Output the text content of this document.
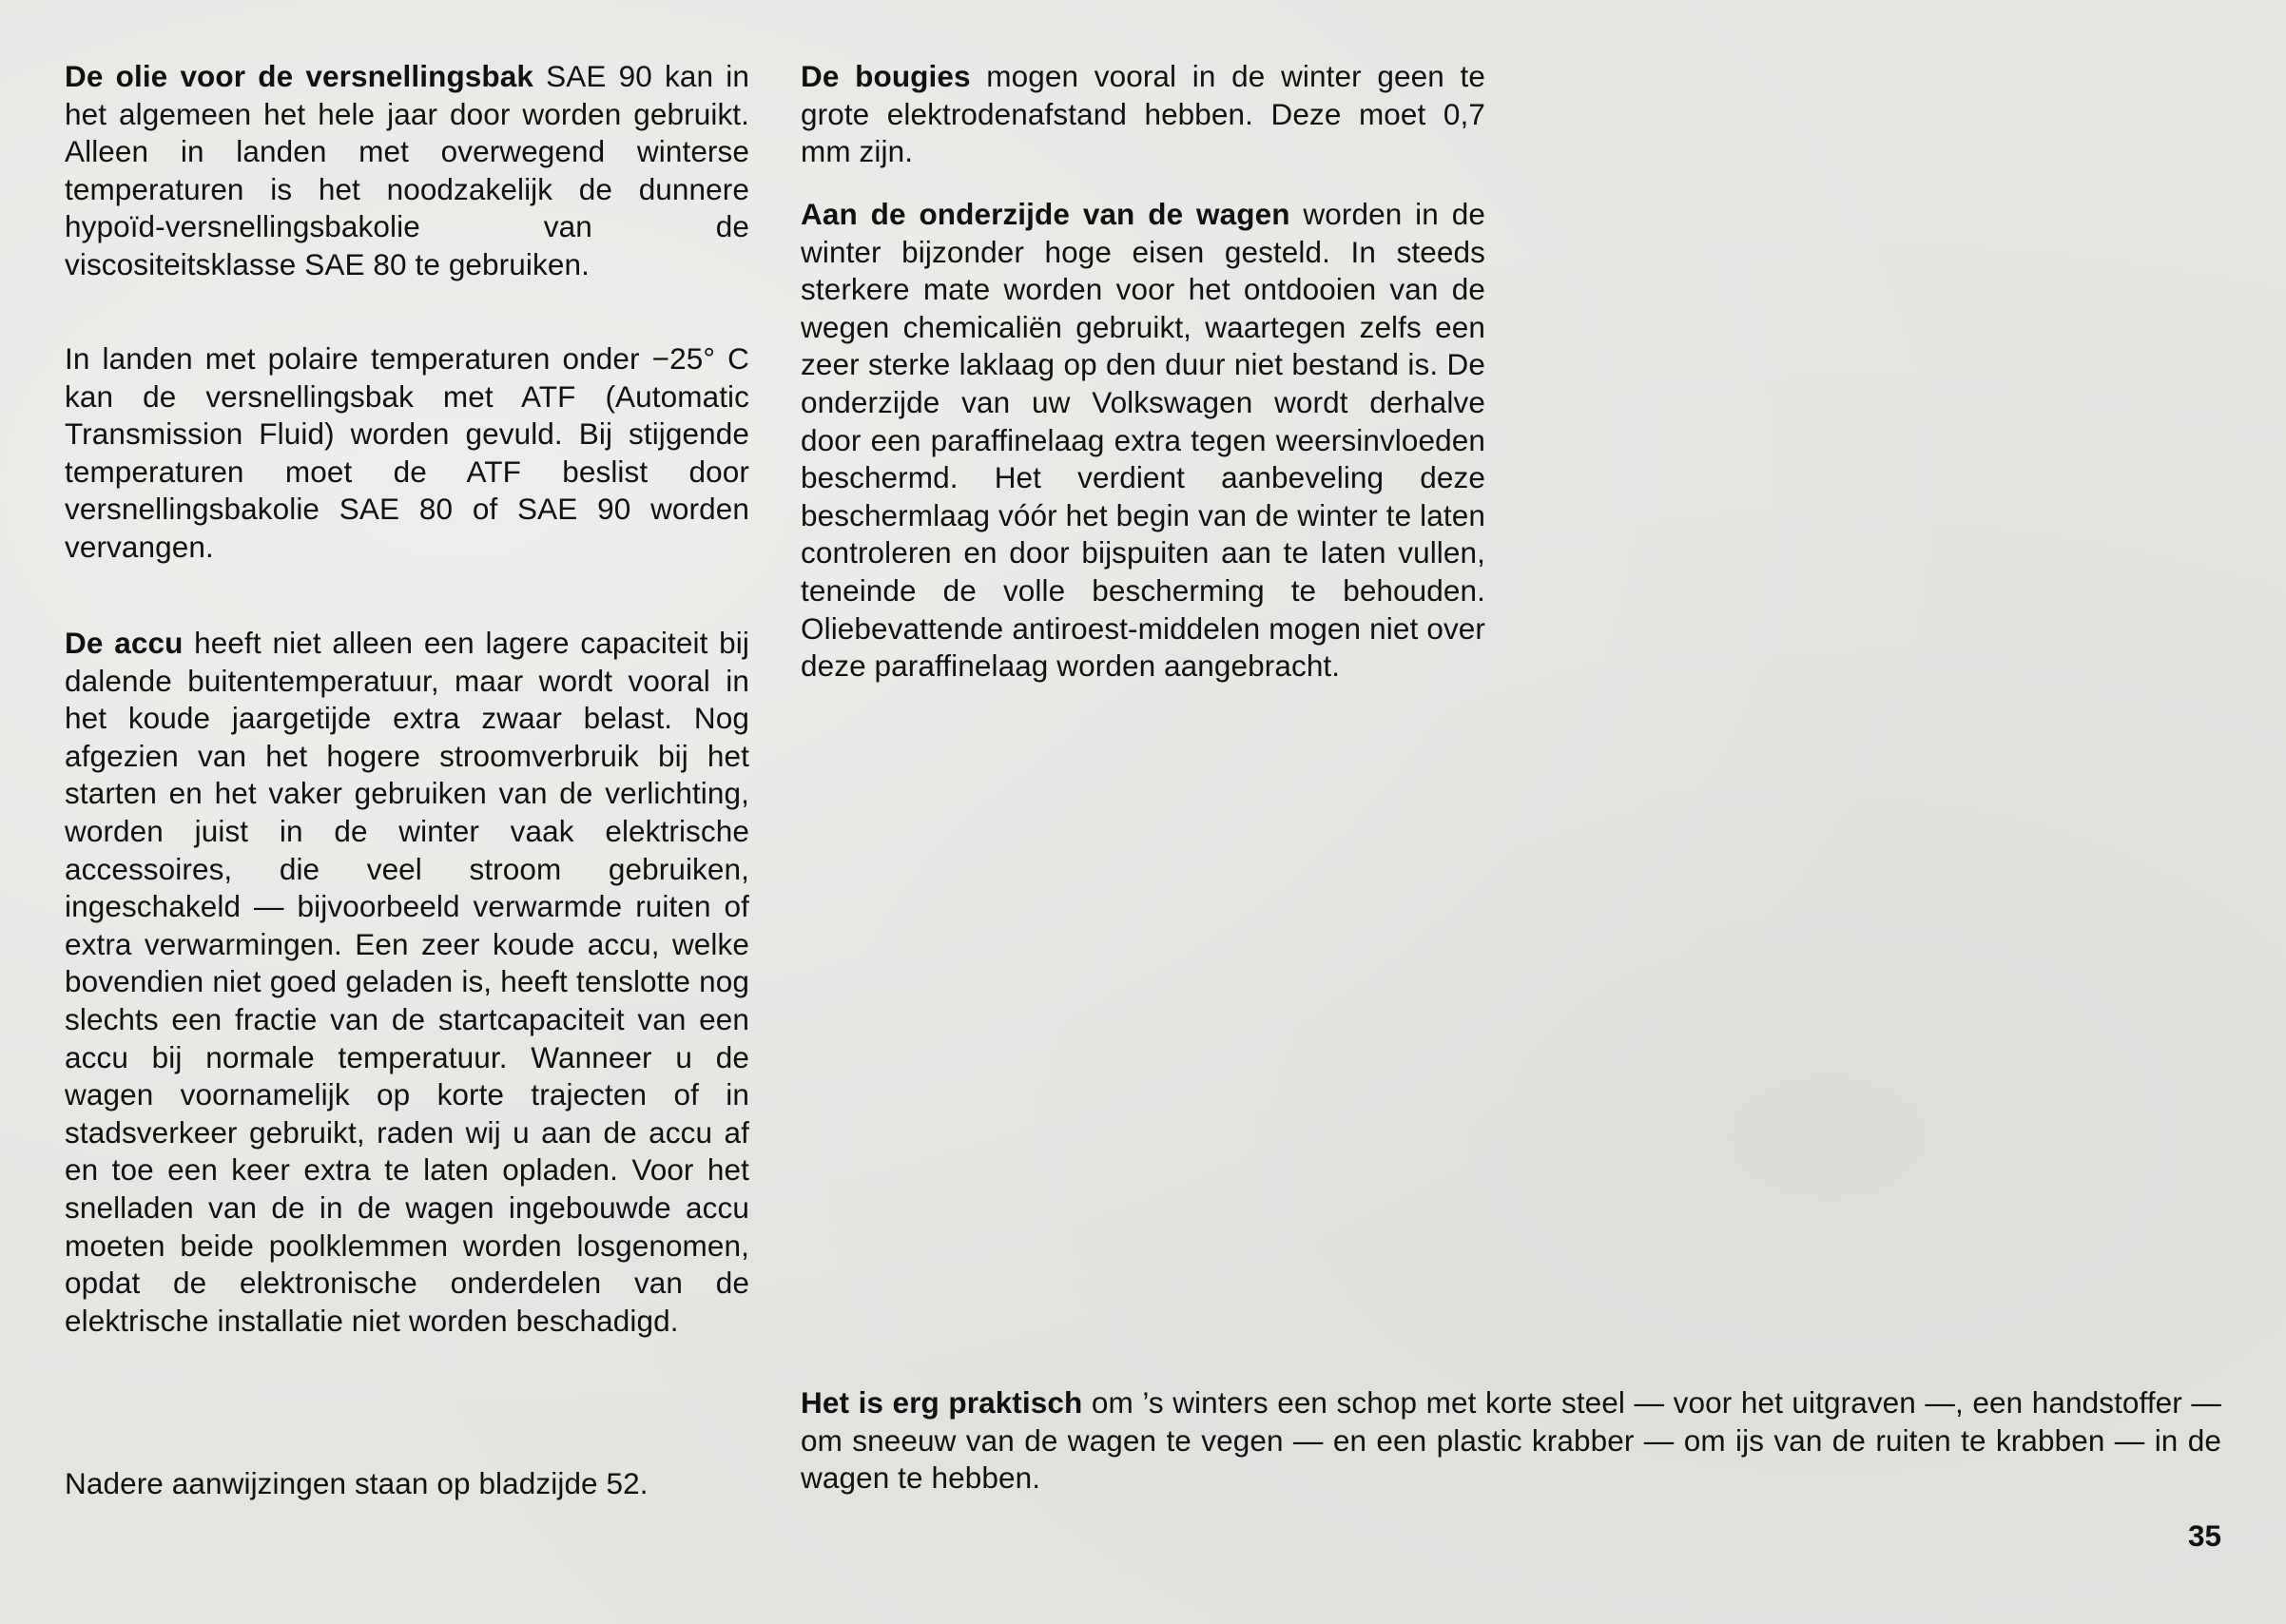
De olie voor de versnellingsbak SAE 90 kan in het algemeen het hele jaar door worden gebruikt. Alleen in landen met overwegend winterse temperaturen is het noodzakelijk de dunnere hypoïd-versnellingsbakolie van de viscositeitsklasse SAE 80 te gebruiken.

In landen met polaire temperaturen onder −25° C kan de versnellingsbak met ATF (Automatic Transmission Fluid) worden gevuld. Bij stijgende temperaturen moet de ATF beslist door versnellingsbakolie SAE 80 of SAE 90 worden vervangen.

De accu heeft niet alleen een lagere capaciteit bij dalende buitentemperatuur, maar wordt vooral in het koude jaargetijde extra zwaar belast. Nog afgezien van het hogere stroomverbruik bij het starten en het vaker gebruiken van de verlichting, worden juist in de winter vaak elektrische accessoires, die veel stroom gebruiken, ingeschakeld — bijvoorbeeld verwarmde ruiten of extra verwarmingen. Een zeer koude accu, welke bovendien niet goed geladen is, heeft tenslotte nog slechts een fractie van de startcapaciteit van een accu bij normale temperatuur. Wanneer u de wagen voornamelijk op korte trajecten of in stadsverkeer gebruikt, raden wij u aan de accu af en toe een keer extra te laten opladen. Voor het snelladen van de in de wagen ingebouwde accu moeten beide poolklemmen worden losgenomen, opdat de elektronische onderdelen van de elektrische installatie niet worden beschadigd.

Nadere aanwijzingen staan op bladzijde 52.

De bougies mogen vooral in de winter geen te grote elektrodenafstand hebben. Deze moet 0,7 mm zijn.

Aan de onderzijde van de wagen worden in de winter bijzonder hoge eisen gesteld. In steeds sterkere mate worden voor het ontdooien van de wegen chemicaliën gebruikt, waartegen zelfs een zeer sterke laklaag op den duur niet bestand is. De onderzijde van uw Volkswagen wordt derhalve door een paraffinelaag extra tegen weersinvloeden beschermd. Het verdient aanbeveling deze beschermlaag vóór het begin van de winter te laten controleren en door bijspuiten aan te laten vullen, teneinde de volle bescherming te behouden. Oliebevattende antiroest-middelen mogen niet over deze paraffinelaag worden aangebracht.

Het is erg praktisch om ’s winters een schop met korte steel — voor het uitgraven —, een handstoffer — om sneeuw van de wagen te vegen — en een plastic krabber — om ijs van de ruiten te krabben — in de wagen te hebben.

35
